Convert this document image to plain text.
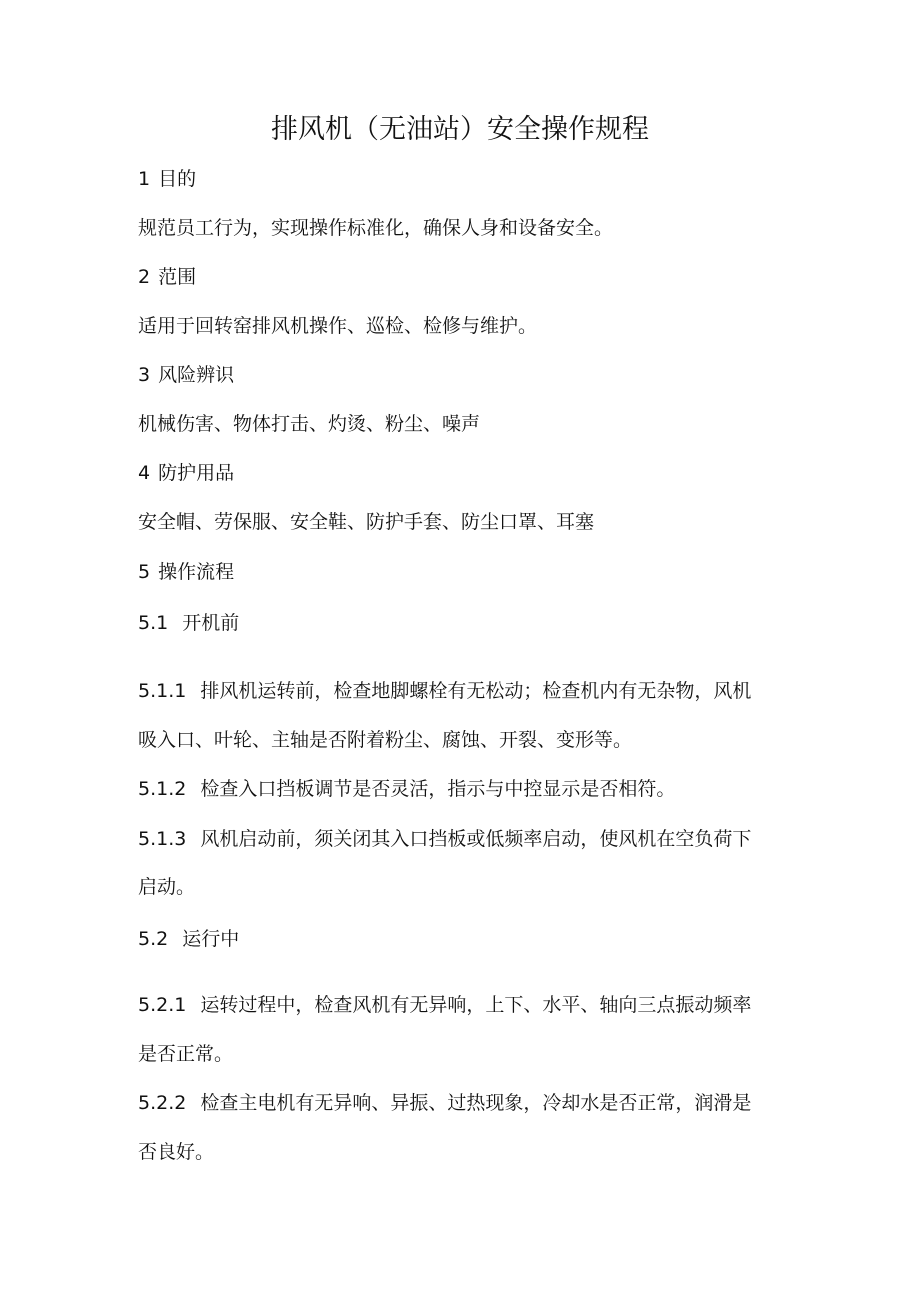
排风机（无油站）安全操作规程
1 目的
规范员工行为，实现操作标准化，确保人身和设备安全。
2 范围
适用于回转窑排风机操作、巡检、检修与维护。
3 风险辨识
机械伤害、物体打击、灼烫、粉尘、噪声
4 防护用品
安全帽、劳保服、安全鞋、防护手套、防尘口罩、耳塞
5 操作流程
5.1 开机前
5.1.1 排风机运转前，检查地脚螺栓有无松动；检查机内有无杂物，风机
吸入口、叶轮、主轴是否附着粉尘、腐蚀、开裂、变形等。
5.1.2 检查入口挡板调节是否灵活，指示与中控显示是否相符。
5.1.3 风机启动前，须关闭其入口挡板或低频率启动，使风机在空负荷下
启动。
5.2 运行中
5.2.1 运转过程中，检查风机有无异响，上下、水平、轴向三点振动频率
是否正常。
5.2.2 检查主电机有无异响、异振、过热现象，冷却水是否正常，润滑是
否良好。
